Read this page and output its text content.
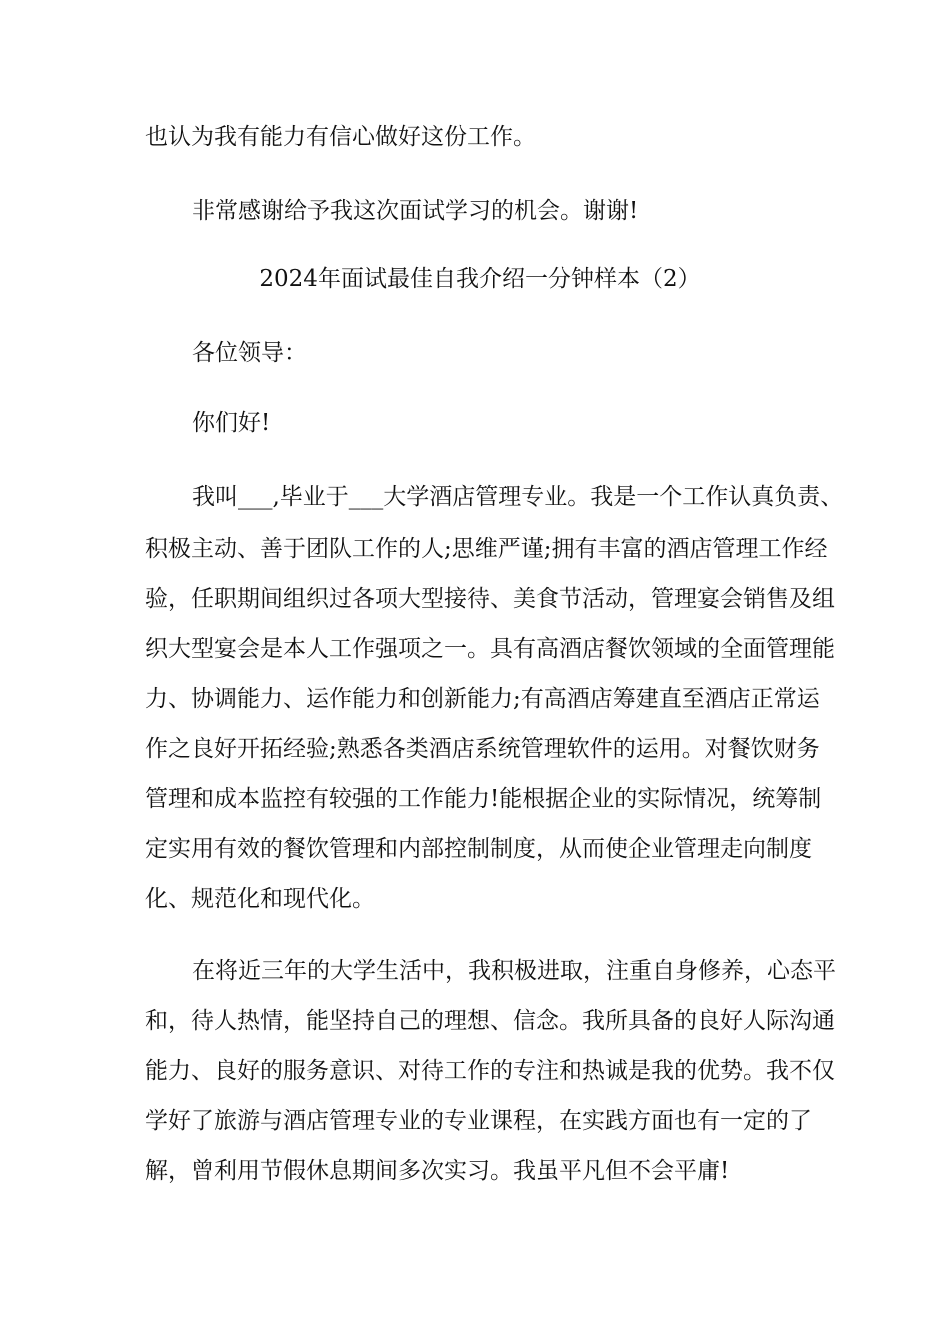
也认为我有能力有信心做好这份工作。
非常感谢给予我这次面试学习的机会。谢谢!
2024年面试最佳自我介绍一分钟样本（2）
各位领导：
你们好!
我叫___,毕业于___大学酒店管理专业。我是一个工作认真负责、
积极主动、善于团队工作的人;思维严谨;拥有丰富的酒店管理工作经
验，任职期间组织过各项大型接待、美食节活动，管理宴会销售及组
织大型宴会是本人工作强项之一。具有高酒店餐饮领域的全面管理能
力、协调能力、运作能力和创新能力;有高酒店筹建直至酒店正常运
作之良好开拓经验;熟悉各类酒店系统管理软件的运用。对餐饮财务
管理和成本监控有较强的工作能力!能根据企业的实际情况，统筹制
定实用有效的餐饮管理和内部控制制度，从而使企业管理走向制度
化、规范化和现代化。
在将近三年的大学生活中，我积极进取，注重自身修养，心态平
和，待人热情，能坚持自己的理想、信念。我所具备的良好人际沟通
能力、良好的服务意识、对待工作的专注和热诚是我的优势。我不仅
学好了旅游与酒店管理专业的专业课程，在实践方面也有一定的了
解，曾利用节假休息期间多次实习。我虽平凡但不会平庸!
